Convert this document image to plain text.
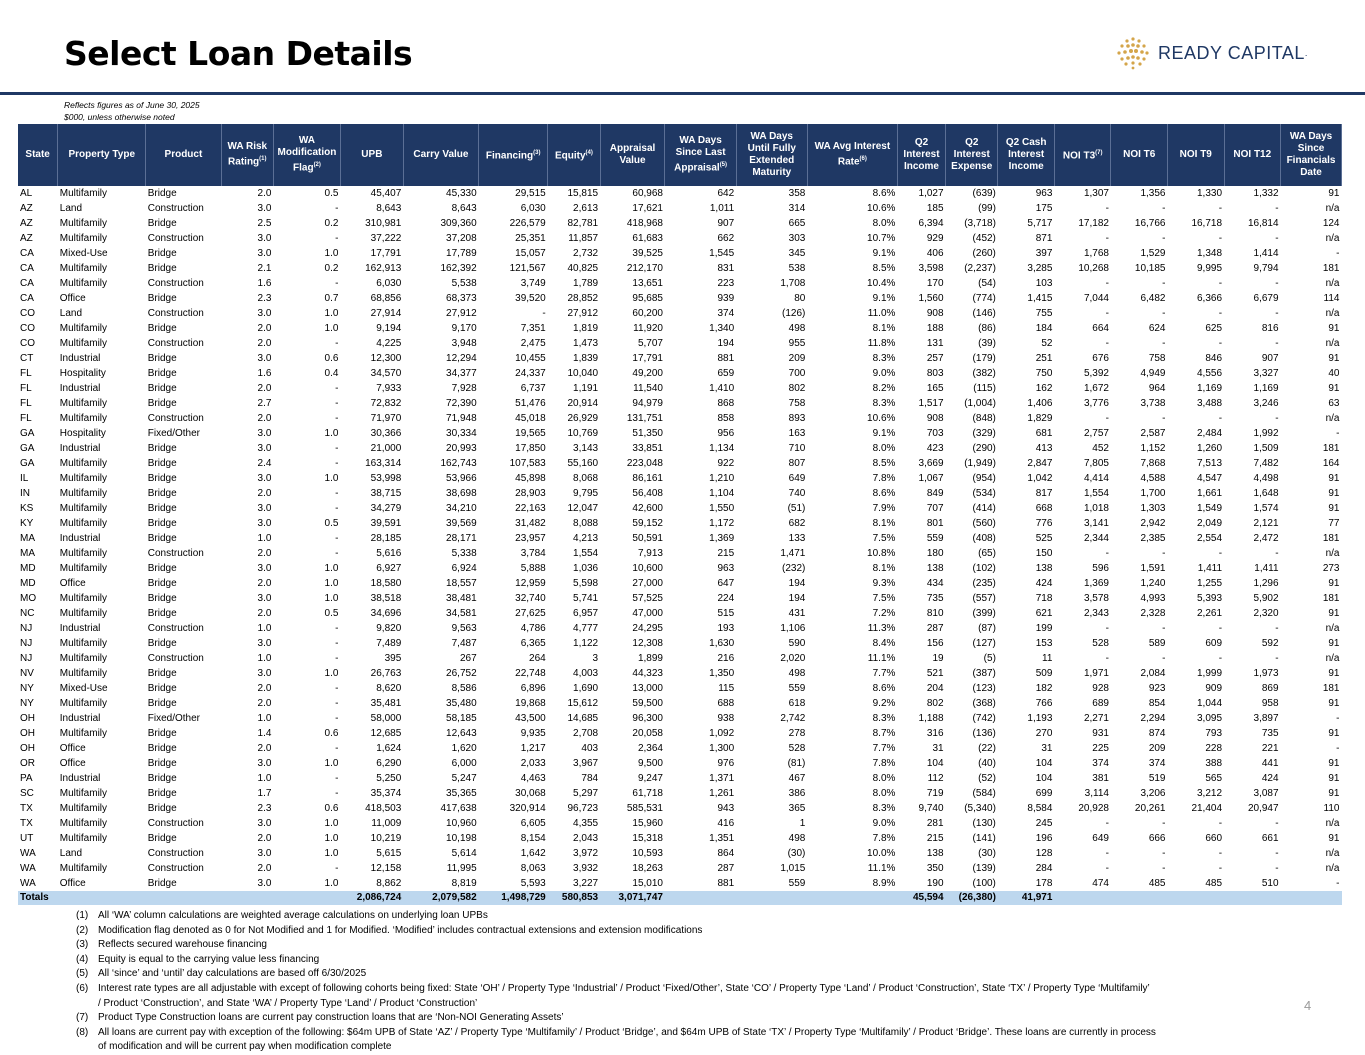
Select Loan Details	READY CAPITAL .
Reflects figures as of June 30, 2025
$000, unless otherwise noted
State	Property Type	Product	WA Risk Rating$^{(1)}$	WA Modification Flag$^{(2)}$	UPB	Carry Value	Financing$^{(3)}$	Equity$^{(4)}$	Appraisal Value	WA Days Since Last Appraisal$^{(5)}$	WA Days Until Fully Extended Maturity	WA Avg Interest Rate$^{(6)}$	Q2 Interest Income	Q2 Interest Expense	Q2 Cash Interest Income	NOI T3$^{(7)}$	NOI T6	NOI T9	NOI T12	WA Days Since Financials Date
AL	Multifamily	Bridge	2.0	0.5	45,407	45,330	29,515	15,815	60,968	642	358	8.6%	1,027	(639)	963	1,307	1,356	1,330	1,332	91
AZ	Land	Construction	3.0	-	8,643	8,643	6,030	2,613	17,621	1,011	314	10.6%	185	(99)	175	-	-	-	-	n/a
AZ	Multifamily	Bridge	2.5	0.2	310,981	309,360	226,579	82,781	418,968	907	665	8.0%	6,394	(3,718)	5,717	17,182	16,766	16,718	16,814	124
AZ	Multifamily	Construction	3.0	-	37,222	37,208	25,351	11,857	61,683	662	303	10.7%	929	(452)	871	-	-	-	-	n/a
CA	Mixed-Use	Bridge	3.0	1.0	17,791	17,789	15,057	2,732	39,525	1,545	345	9.1%	406	(260)	397	1,768	1,529	1,348	1,414	-
CA	Multifamily	Bridge	2.1	0.2	162,913	162,392	121,567	40,825	212,170	831	538	8.5%	3,598	(2,237)	3,285	10,268	10,185	9,995	9,794	181
CA	Multifamily	Construction	1.6	-	6,030	5,538	3,749	1,789	13,651	223	1,708	10.4%	170	(54)	103	-	-	-	-	n/a
CA	Office	Bridge	2.3	0.7	68,856	68,373	39,520	28,852	95,685	939	80	9.1%	1,560	(774)	1,415	7,044	6,482	6,366	6,679	114
CO	Land	Construction	3.0	1.0	27,914	27,912	-	27,912	60,200	374	(126)	11.0%	908	(146)	755	-	-	-	-	n/a
CO	Multifamily	Bridge	2.0	1.0	9,194	9,170	7,351	1,819	11,920	1,340	498	8.1%	188	(86)	184	664	624	625	816	91
CO	Multifamily	Construction	2.0	-	4,225	3,948	2,475	1,473	5,707	194	955	11.8%	131	(39)	52	-	-	-	-	n/a
CT	Industrial	Bridge	3.0	0.6	12,300	12,294	10,455	1,839	17,791	881	209	8.3%	257	(179)	251	676	758	846	907	91
FL	Hospitality	Bridge	1.6	0.4	34,570	34,377	24,337	10,040	49,200	659	700	9.0%	803	(382)	750	5,392	4,949	4,556	3,327	40
FL	Industrial	Bridge	2.0	-	7,933	7,928	6,737	1,191	11,540	1,410	802	8.2%	165	(115)	162	1,672	964	1,169	1,169	91
FL	Multifamily	Bridge	2.7	-	72,832	72,390	51,476	20,914	94,979	868	758	8.3%	1,517	(1,004)	1,406	3,776	3,738	3,488	3,246	63
FL	Multifamily	Construction	2.0	-	71,970	71,948	45,018	26,929	131,751	858	893	10.6%	908	(848)	1,829	-	-	-	-	n/a
GA	Hospitality	Fixed/Other	3.0	1.0	30,366	30,334	19,565	10,769	51,350	956	163	9.1%	703	(329)	681	2,757	2,587	2,484	1,992	-
GA	Industrial	Bridge	3.0	-	21,000	20,993	17,850	3,143	33,851	1,134	710	8.0%	423	(290)	413	452	1,152	1,260	1,509	181
GA	Multifamily	Bridge	2.4	-	163,314	162,743	107,583	55,160	223,048	922	807	8.5%	3,669	(1,949)	2,847	7,805	7,868	7,513	7,482	164
IL	Multifamily	Bridge	3.0	1.0	53,998	53,966	45,898	8,068	86,161	1,210	649	7.8%	1,067	(954)	1,042	4,414	4,588	4,547	4,498	91
IN	Multifamily	Bridge	2.0	-	38,715	38,698	28,903	9,795	56,408	1,104	740	8.6%	849	(534)	817	1,554	1,700	1,661	1,648	91
KS	Multifamily	Bridge	3.0	-	34,279	34,210	22,163	12,047	42,600	1,550	(51)	7.9%	707	(414)	668	1,018	1,303	1,549	1,574	91
KY	Multifamily	Bridge	3.0	0.5	39,591	39,569	31,482	8,088	59,152	1,172	682	8.1%	801	(560)	776	3,141	2,942	2,049	2,121	77
MA	Industrial	Bridge	1.0	-	28,185	28,171	23,957	4,213	50,591	1,369	133	7.5%	559	(408)	525	2,344	2,385	2,554	2,472	181
MA	Multifamily	Construction	2.0	-	5,616	5,338	3,784	1,554	7,913	215	1,471	10.8%	180	(65)	150	-	-	-	-	n/a
MD	Multifamily	Bridge	3.0	1.0	6,927	6,924	5,888	1,036	10,600	963	(232)	8.1%	138	(102)	138	596	1,591	1,411	1,411	273
MD	Office	Bridge	2.0	1.0	18,580	18,557	12,959	5,598	27,000	647	194	9.3%	434	(235)	424	1,369	1,240	1,255	1,296	91
MO	Multifamily	Bridge	3.0	1.0	38,518	38,481	32,740	5,741	57,525	224	194	7.5%	735	(557)	718	3,578	4,993	5,393	5,902	181
NC	Multifamily	Bridge	2.0	0.5	34,696	34,581	27,625	6,957	47,000	515	431	7.2%	810	(399)	621	2,343	2,328	2,261	2,320	91
NJ	Industrial	Construction	1.0	-	9,820	9,563	4,786	4,777	24,295	193	1,106	11.3%	287	(87)	199	-	-	-	-	n/a
NJ	Multifamily	Bridge	3.0	-	7,489	7,487	6,365	1,122	12,308	1,630	590	8.4%	156	(127)	153	528	589	609	592	91
NJ	Multifamily	Construction	1.0	-	395	267	264	3	1,899	216	2,020	11.1%	19	(5)	11	-	-	-	-	n/a
NV	Multifamily	Bridge	3.0	1.0	26,763	26,752	22,748	4,003	44,323	1,350	498	7.7%	521	(387)	509	1,971	2,084	1,999	1,973	91
NY	Mixed-Use	Bridge	2.0	-	8,620	8,586	6,896	1,690	13,000	115	559	8.6%	204	(123)	182	928	923	909	869	181
NY	Multifamily	Bridge	2.0	-	35,481	35,480	19,868	15,612	59,500	688	618	9.2%	802	(368)	766	689	854	1,044	958	91
OH	Industrial	Fixed/Other	1.0	-	58,000	58,185	43,500	14,685	96,300	938	2,742	8.3%	1,188	(742)	1,193	2,271	2,294	3,095	3,897	-
OH	Multifamily	Bridge	1.4	0.6	12,685	12,643	9,935	2,708	20,058	1,092	278	8.7%	316	(136)	270	931	874	793	735	91
OH	Office	Bridge	2.0	-	1,624	1,620	1,217	403	2,364	1,300	528	7.7%	31	(22)	31	225	209	228	221	-
OR	Office	Bridge	3.0	1.0	6,290	6,000	2,033	3,967	9,500	976	(81)	7.8%	104	(40)	104	374	374	388	441	91
PA	Industrial	Bridge	1.0	-	5,250	5,247	4,463	784	9,247	1,371	467	8.0%	112	(52)	104	381	519	565	424	91
SC	Multifamily	Bridge	1.7	-	35,374	35,365	30,068	5,297	61,718	1,261	386	8.0%	719	(584)	699	3,114	3,206	3,212	3,087	91
TX	Multifamily	Bridge	2.3	0.6	418,503	417,638	320,914	96,723	585,531	943	365	8.3%	9,740	(5,340)	8,584	20,928	20,261	21,404	20,947	110
TX	Multifamily	Construction	3.0	1.0	11,009	10,960	6,605	4,355	15,960	416	1	9.0%	281	(130)	245	-	-	-	-	n/a
UT	Multifamily	Bridge	2.0	1.0	10,219	10,198	8,154	2,043	15,318	1,351	498	7.8%	215	(141)	196	649	666	660	661	91
WA	Land	Construction	3.0	1.0	5,615	5,614	1,642	3,972	10,593	864	(30)	10.0%	138	(30)	128	-	-	-	-	n/a
WA	Multifamily	Construction	2.0	-	12,158	11,995	8,063	3,932	18,263	287	1,015	11.1%	350	(139)	284	-	-	-	-	n/a
WA	Office	Bridge	3.0	1.0	8,862	8,819	5,593	3,227	15,010	881	559	8.9%	190	(100)	178	474	485	485	510	-
Totals					2,086,724	2,079,582	1,498,729	580,853	3,071,747				45,594	(26,380)	41,971					
(1) All ‘WA’ column calculations are weighted average calculations on underlying loan UPBs
(2) Modification flag denoted as 0 for Not Modified and 1 for Modified. ‘Modified’ includes contractual extensions and extension modifications
(3) Reflects secured warehouse financing
(4) Equity is equal to the carrying value less financing
(5) All ‘since’ and ‘until’ day calculations are based off 6/30/2025
(6) Interest rate types are all adjustable with except of following cohorts being fixed: State ‘OH’ / Property Type ‘Industrial’ / Product ‘Fixed/Other’, State ‘CO’ / Property Type ‘Land’ / Product ‘Construction’, State ‘TX’ / Property Type ‘Multifamily’
/ Product ‘Construction’, and State ‘WA’ / Property Type ‘Land’ / Product ‘Construction’
(7) Product Type Construction loans are current pay construction loans that are ‘Non-NOI Generating Assets’
(8) All loans are current pay with exception of the following: $64m UPB of State ‘AZ’ / Property Type ‘Multifamily’ / Product ‘Bridge’, and $64m UPB of State ‘TX’ / Property Type ‘Multifamily’ / Product ‘Bridge’. These loans are currently in process
of modification and will be current pay when modification complete
4
